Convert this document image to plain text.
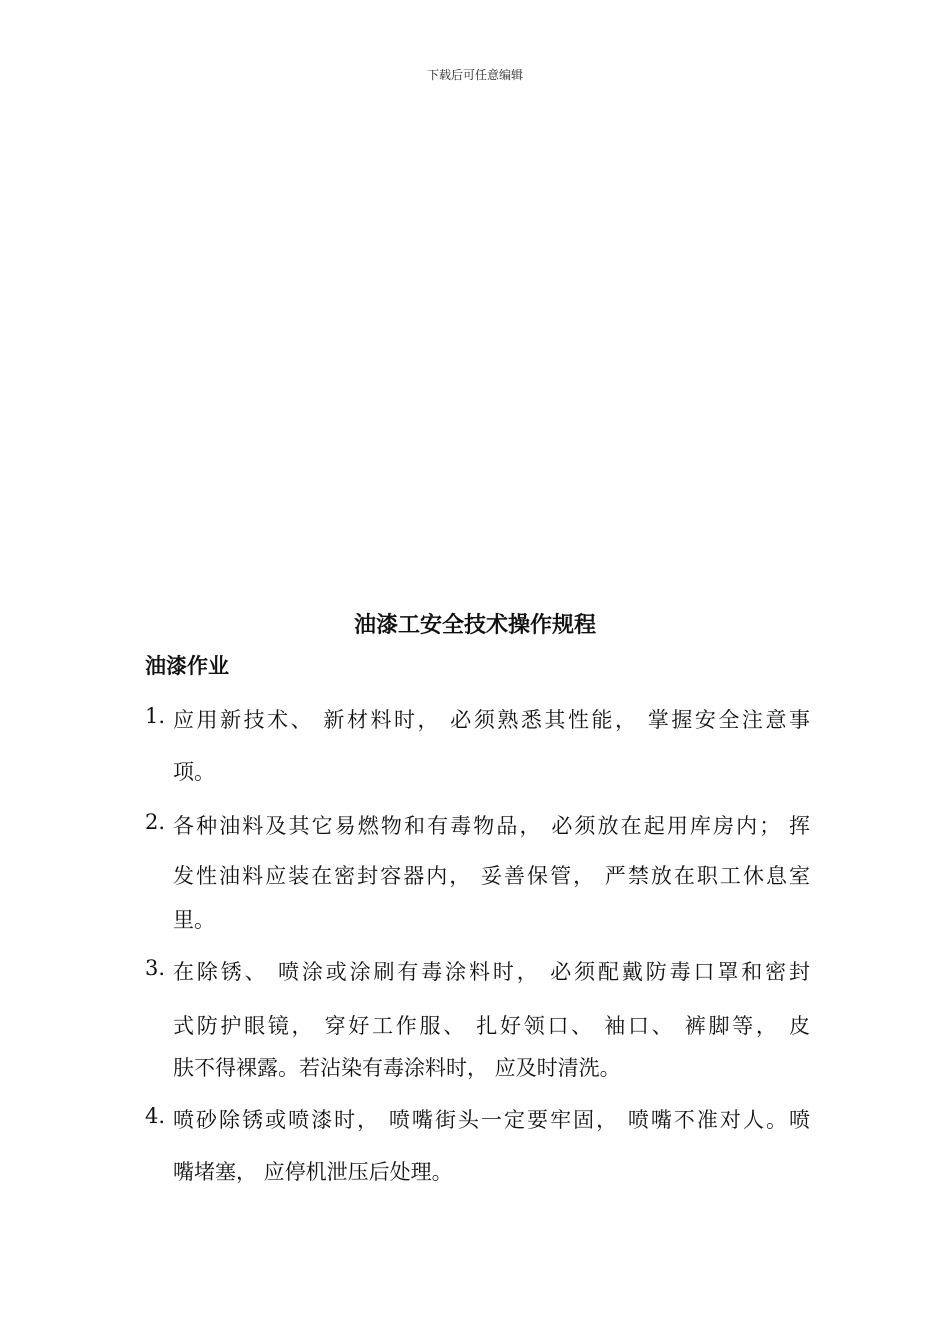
下载后可任意编辑
油漆工安全技术操作规程
油漆作业
1. 应用新技术、 新材料时， 必须熟悉其性能， 掌握安全注意事
项。
2. 各种油料及其它易燃物和有毒物品， 必须放在起用库房内； 挥
发性油料应装在密封容器内， 妥善保管， 严禁放在职工休息室
里。
3. 在除锈、 喷涂或涂刷有毒涂料时， 必须配戴防毒口罩和密封
式防护眼镜， 穿好工作服、 扎好领口、 袖口、 裤脚等， 皮
肤不得裸露。若沾染有毒涂料时， 应及时清洗。
4. 喷砂除锈或喷漆时， 喷嘴街头一定要牢固， 喷嘴不准对人。喷
嘴堵塞， 应停机泄压后处理。
